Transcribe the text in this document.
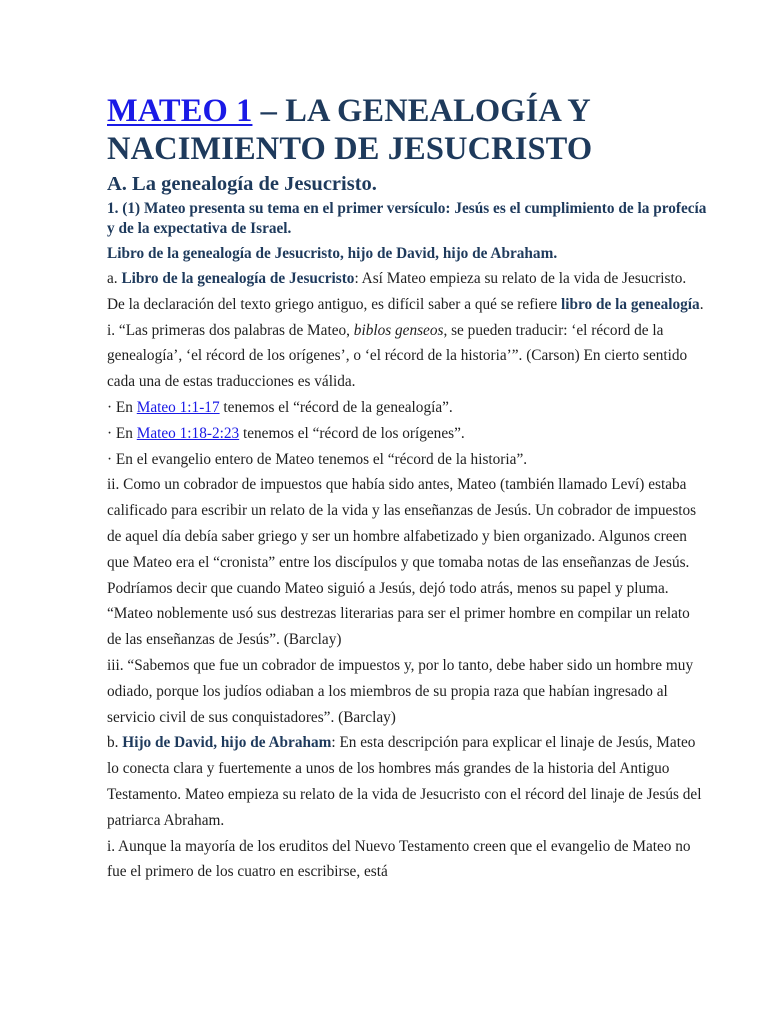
MATEO 1 – LA GENEALOGÍA Y NACIMIENTO DE JESUCRISTO
A. La genealogía de Jesucristo.
1. (1) Mateo presenta su tema en el primer versículo: Jesús es el cumplimiento de la profecía y de la expectativa de Israel.
Libro de la genealogía de Jesucristo, hijo de David, hijo de Abraham.
a. Libro de la genealogía de Jesucristo: Así Mateo empieza su relato de la vida de Jesucristo. De la declaración del texto griego antiguo, es difícil saber a qué se refiere libro de la genealogía.
i. “Las primeras dos palabras de Mateo, biblos genseos, se pueden traducir: ‘el récord de la genealogía’, ‘el récord de los orígenes’, o ‘el récord de la historia’”. (Carson) En cierto sentido cada una de estas traducciones es válida.
· En Mateo 1:1-17 tenemos el “récord de la genealogía”.
· En Mateo 1:18-2:23 tenemos el “récord de los orígenes”.
· En el evangelio entero de Mateo tenemos el “récord de la historia”.
ii. Como un cobrador de impuestos que había sido antes, Mateo (también llamado Leví) estaba calificado para escribir un relato de la vida y las enseñanzas de Jesús. Un cobrador de impuestos de aquel día debía saber griego y ser un hombre alfabetizado y bien organizado. Algunos creen que Mateo era el “cronista” entre los discípulos y que tomaba notas de las enseñanzas de Jesús. Podríamos decir que cuando Mateo siguió a Jesús, dejó todo atrás, menos su papel y pluma. “Mateo noblemente usó sus destrezas literarias para ser el primer hombre en compilar un relato de las enseñanzas de Jesús”. (Barclay)
iii. “Sabemos que fue un cobrador de impuestos y, por lo tanto, debe haber sido un hombre muy odiado, porque los judíos odiaban a los miembros de su propia raza que habían ingresado al servicio civil de sus conquistadores”. (Barclay)
b. Hijo de David, hijo de Abraham: En esta descripción para explicar el linaje de Jesús, Mateo lo conecta clara y fuertemente a unos de los hombres más grandes de la historia del Antiguo Testamento. Mateo empieza su relato de la vida de Jesucristo con el récord del linaje de Jesús del patriarca Abraham.
i. Aunque la mayoría de los eruditos del Nuevo Testamento creen que el evangelio de Mateo no fue el primero de los cuatro en escribirse, está
